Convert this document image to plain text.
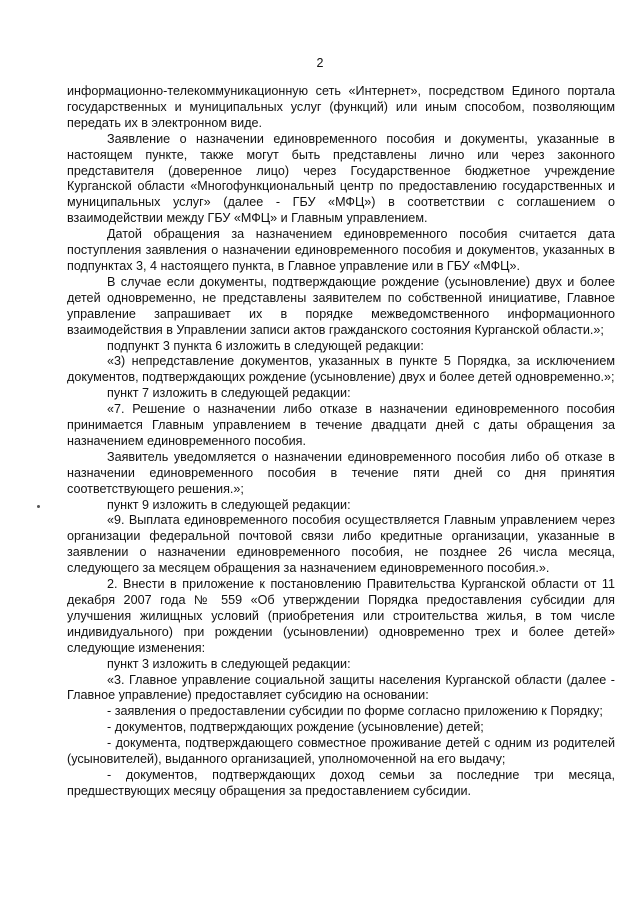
2

информационно-телекоммуникационную сеть «Интернет», посредством Единого портала государственных и муниципальных услуг (функций) или иным способом, позволяющим передать их в электронном виде.

Заявление о назначении единовременного пособия и документы, указанные в настоящем пункте, также могут быть представлены лично или через законного представителя (доверенное лицо) через Государственное бюджетное учреждение Курганской области «Многофункциональный центр по предоставлению государственных и муниципальных услуг» (далее - ГБУ «МФЦ») в соответствии с соглашением о взаимодействии между ГБУ «МФЦ» и Главным управлением.

Датой обращения за назначением единовременного пособия считается дата поступления заявления о назначении единовременного пособия и документов, указанных в подпунктах 3, 4 настоящего пункта, в Главное управление или в ГБУ «МФЦ».

В случае если документы, подтверждающие рождение (усыновление) двух и более детей одновременно, не представлены заявителем по собственной инициативе, Главное управление запрашивает их в порядке межведомственного информационного взаимодействия в Управлении записи актов гражданского состояния Курганской области.»;

подпункт 3 пункта 6 изложить в следующей редакции:

«3) непредставление документов, указанных в пункте 5 Порядка, за исключением документов, подтверждающих рождение (усыновление) двух и более детей одновременно.»;

пункт 7 изложить в следующей редакции:

«7. Решение о назначении либо отказе в назначении единовременного пособия принимается Главным управлением в течение двадцати дней с даты обращения за назначением единовременного пособия.

Заявитель уведомляется о назначении единовременного пособия либо об отказе в назначении единовременного пособия в течение пяти дней со дня принятия соответствующего решения.»;

пункт 9 изложить в следующей редакции:

«9. Выплата единовременного пособия осуществляется Главным управлением через организации федеральной почтовой связи либо кредитные организации, указанные в заявлении о назначении единовременного пособия, не позднее 26 числа месяца, следующего за месяцем обращения за назначением единовременного пособия.».

2. Внести в приложение к постановлению Правительства Курганской области от 11 декабря 2007 года № 559 «Об утверждении Порядка предоставления субсидии для улучшения жилищных условий (приобретения или строительства жилья, в том числе индивидуального) при рождении (усыновлении) одновременно трех и более детей» следующие изменения:

пункт 3 изложить в следующей редакции:

«3. Главное управление социальной защиты населения Курганской области (далее - Главное управление) предоставляет субсидию на основании:

- заявления о предоставлении субсидии по форме согласно приложению к Порядку;

- документов, подтверждающих рождение (усыновление) детей;

- документа, подтверждающего совместное проживание детей с одним из родителей (усыновителей), выданного организацией, уполномоченной на его выдачу;

- документов, подтверждающих доход семьи за последние три месяца, предшествующих месяцу обращения за предоставлением субсидии.
